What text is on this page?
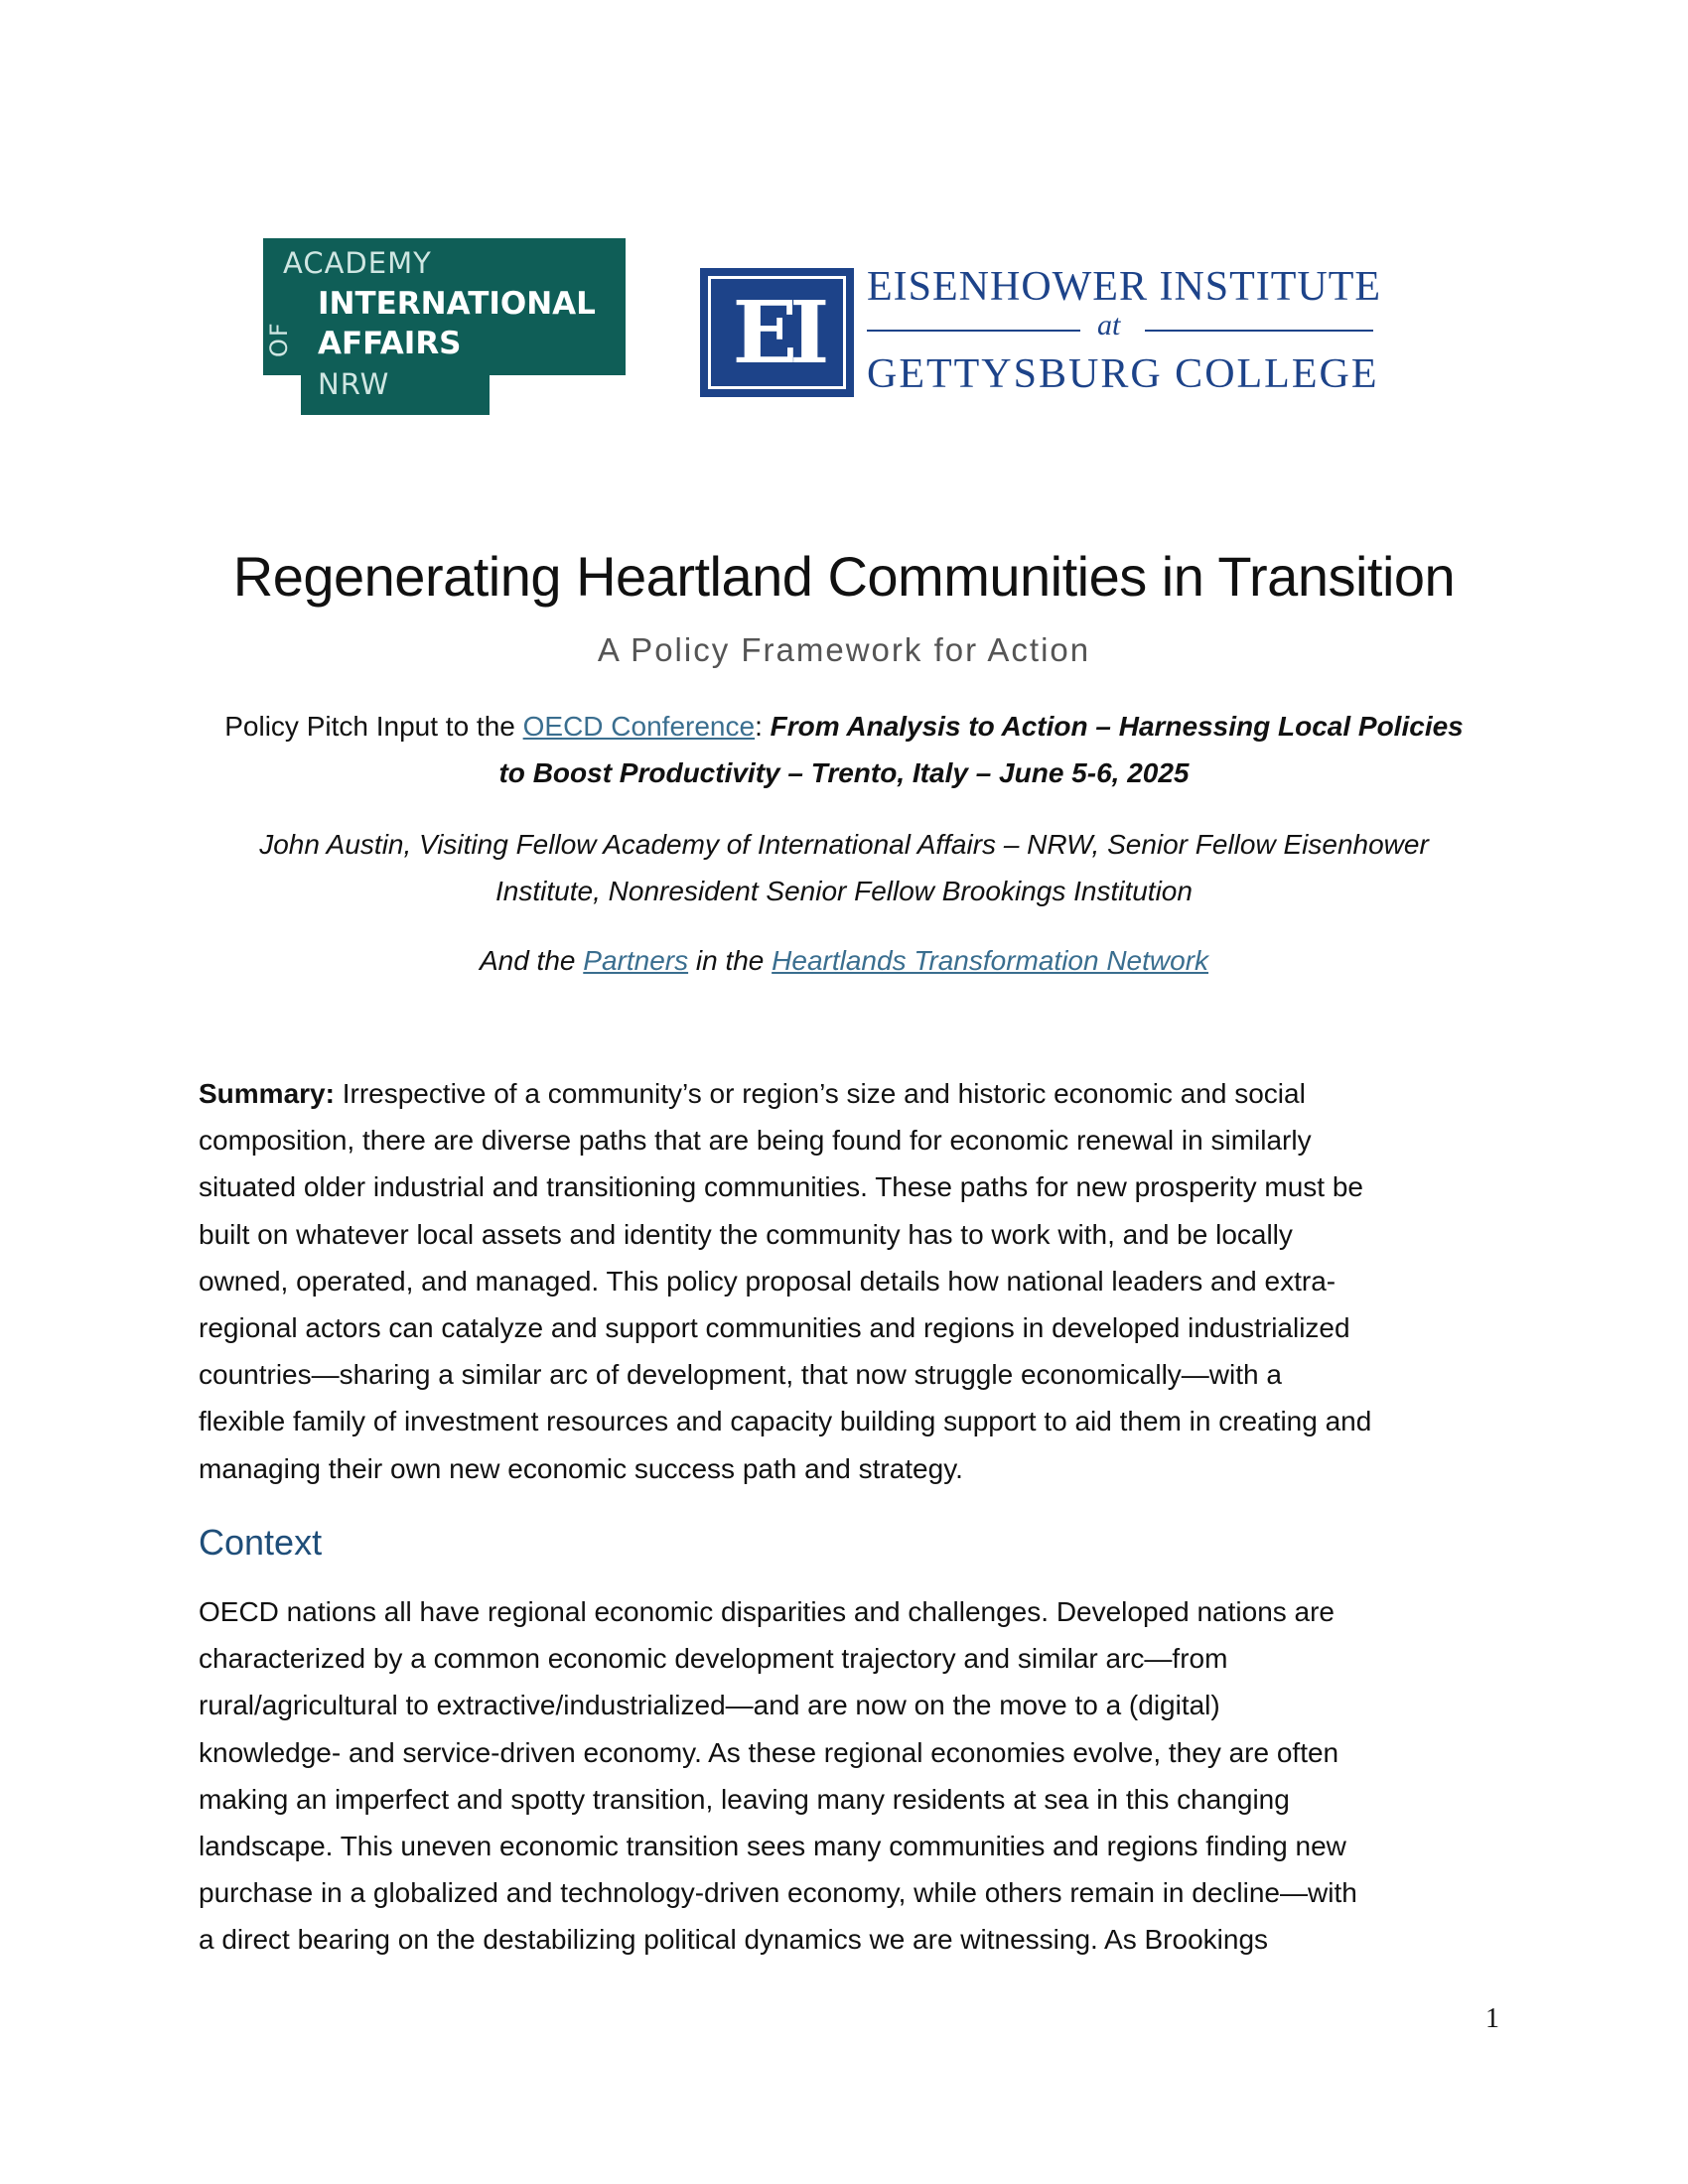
ACADEMY
INTERNATIONAL
AFFAIRS
NRW
OF	EI EISENHOWER INSTITUTE
at
GETTYSBURG COLLEGE
Regenerating Heartland Communities in Transition
A Policy Framework for Action
Policy Pitch Input to the OECD Conference: From Analysis to Action – Harnessing Local Policies
to Boost Productivity – Trento, Italy – June 5-6, 2025
John Austin, Visiting Fellow Academy of International Affairs – NRW, Senior Fellow Eisenhower
Institute, Nonresident Senior Fellow Brookings Institution
And the Partners in the Heartlands Transformation Network
Summary: Irrespective of a community’s or region’s size and historic economic and social
composition, there are diverse paths that are being found for economic renewal in similarly
situated older industrial and transitioning communities. These paths for new prosperity must be
built on whatever local assets and identity the community has to work with, and be locally
owned, operated, and managed. This policy proposal details how national leaders and extra-
regional actors can catalyze and support communities and regions in developed industrialized
countries—sharing a similar arc of development, that now struggle economically—with a
flexible family of investment resources and capacity building support to aid them in creating and
managing their own new economic success path and strategy.
Context
OECD nations all have regional economic disparities and challenges. Developed nations are
characterized by a common economic development trajectory and similar arc—from
rural/agricultural to extractive/industrialized—and are now on the move to a (digital)
knowledge- and service-driven economy. As these regional economies evolve, they are often
making an imperfect and spotty transition, leaving many residents at sea in this changing
landscape. This uneven economic transition sees many communities and regions finding new
purchase in a globalized and technology-driven economy, while others remain in decline—with
a direct bearing on the destabilizing political dynamics we are witnessing. As Brookings
1
